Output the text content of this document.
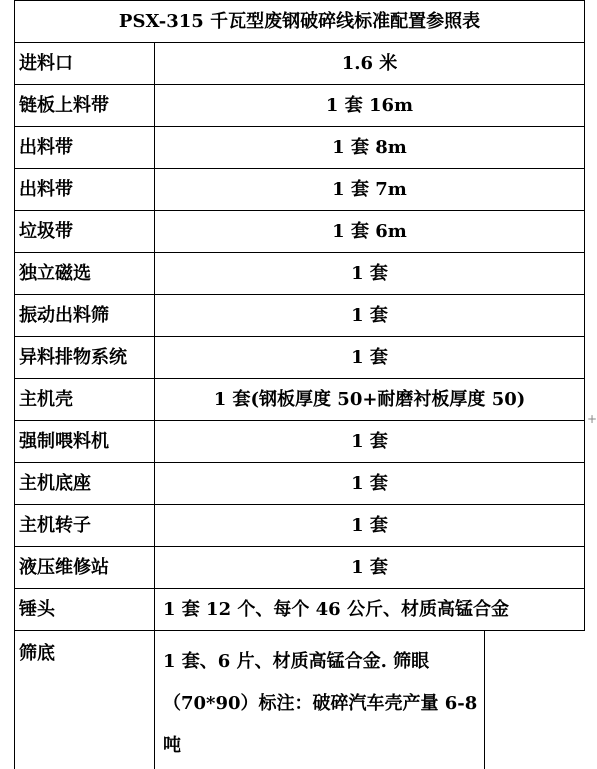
PSX-315 千瓦型废钢破碎线标准配置参照表		
进料口	1.6 米	
链板上料带	1 套 16m	
出料带	1 套 8m	
出料带	1 套 7m	
垃圾带	1 套 6m	
独立磁选	1 套	
振动出料筛	1 套	
异料排物系统	1 套	
主机壳	1 套(钢板厚度 50+耐磨衬板厚度 50)	
强制喂料机	1 套	
主机底座	1 套	
主机转子	1 套	
液压维修站	1 套	
锤头	1 套 12 个、每个 46 公斤、材质高锰合金	
筛底	1 套、6 片、材质高锰合金. 筛眼（70*90）标注：破碎汽车壳产量 6-8 吨	
+
